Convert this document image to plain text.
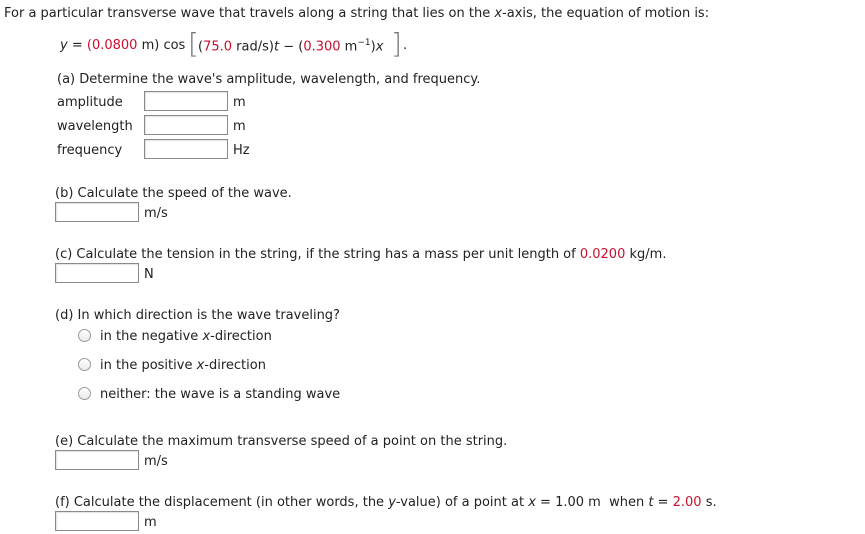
For a particular transverse wave that travels along a string that lies on the x-axis, the equation of motion is:
y = (0.0800 m) cos [ (75.0 rad/s)t − (0.300 $m^{-1})x$ ] .
(a) Determine the wave's amplitude, wavelength, and frequency.
amplitude	m
wavelength	m
frequency	Hz
(b) Calculate the speed of the wave.
m/s
(c) Calculate the tension in the string, if the string has a mass per unit length of 0.0200 kg/m.
N
(d) In which direction is the wave traveling?
in the negative x-direction
in the positive x-direction
neither: the wave is a standing wave
(e) Calculate the maximum transverse speed of a point on the string.
m/s
(f) Calculate the displacement (in other words, the y-value) of a point at x = 1.00 m  when t = 2.00 s.
m
